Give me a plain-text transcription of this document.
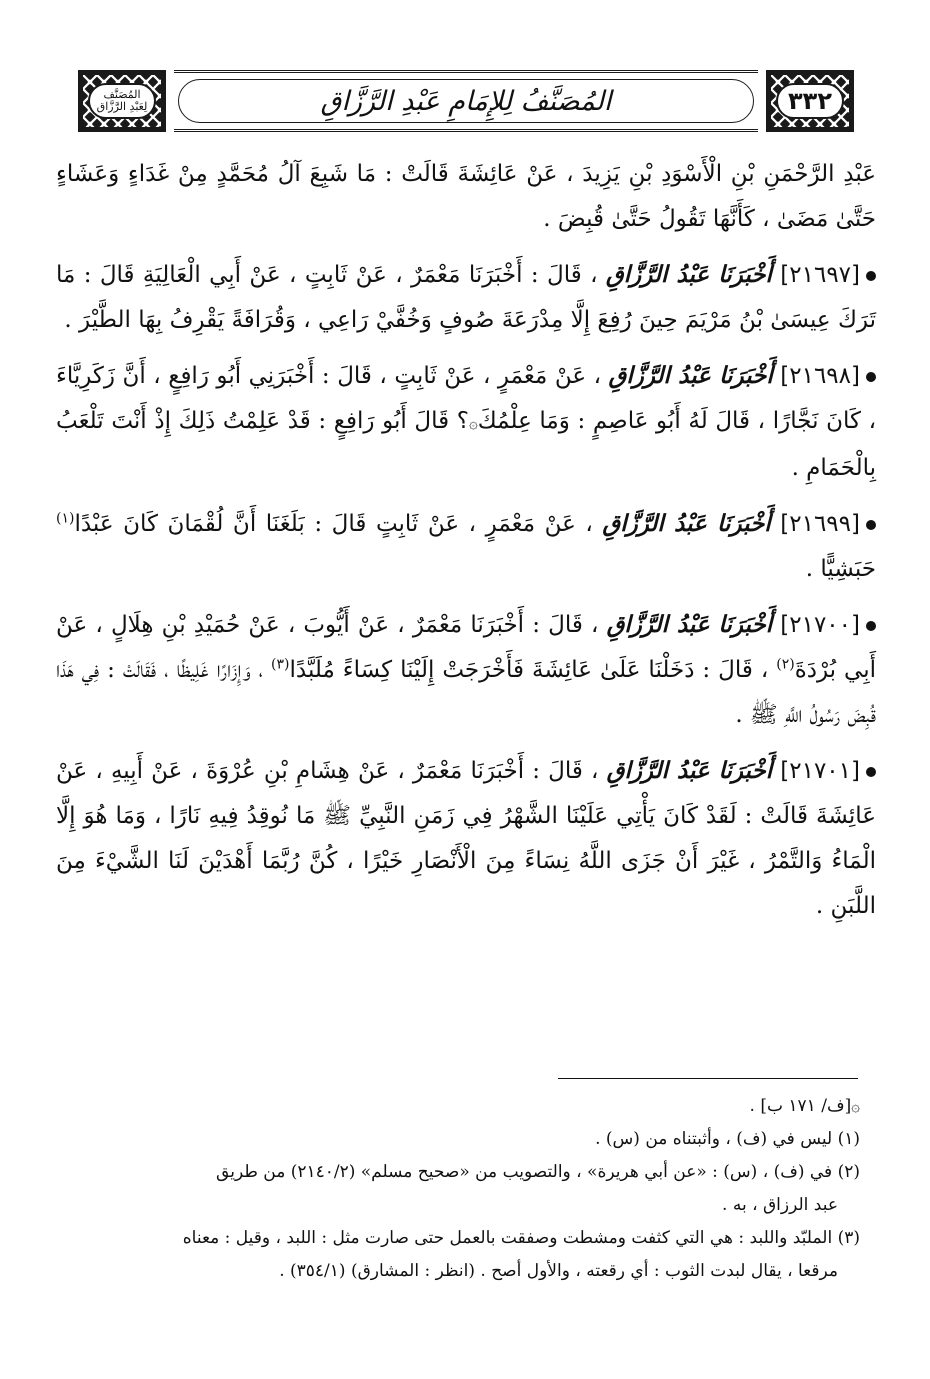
٣٣٢
المُصَنَّفُ لِلإِمَامِ عَبْدِ الرَّزَّاقِ
المُصَنَّف
لِعَبْدِ الرَّزَّاق

عَبْدِ الرَّحْمَنِ بْنِ الْأَسْوَدِ بْنِ يَزِيدَ ، عَنْ عَائِشَةَ قَالَتْ : مَا شَبِعَ آلُ مُحَمَّدٍ مِنْ غَدَاءٍ وَعَشَاءٍ حَتَّىٰ مَضَىٰ ، كَأَنَّهَا تَقُولُ حَتَّىٰ قُبِضَ .

[٢١٦٩٧] أَخْبَرَنَا عَبْدُ الرَّزَّاقِ ، قَالَ : أَخْبَرَنَا مَعْمَرٌ ، عَنْ ثَابِتٍ ، عَنْ أَبِي الْعَالِيَةِ قَالَ : مَا تَرَكَ عِيسَىٰ بْنُ مَرْيَمَ حِينَ رُفِعَ إِلَّا مِدْرَعَةَ صُوفٍ وَخُفَّيْ رَاعِي ، وَقُرَافَةً يَقْرِفُ بِهَا الطَّيْرَ .

[٢١٦٩٨] أَخْبَرَنَا عَبْدُ الرَّزَّاقِ ، عَنْ مَعْمَرٍ ، عَنْ ثَابِتٍ ، قَالَ : أَخْبَرَنِي أَبُو رَافِعٍ ، أَنَّ زَكَرِيَّاءَ ، كَانَ نَجَّارًا ، قَالَ لَهُ أَبُو عَاصِمٍ : وَمَا عِلْمُكَ۞؟ قَالَ أَبُو رَافِعٍ : قَدْ عَلِمْتُ ذَلِكَ إِذْ أَنْتَ تَلْعَبُ بِالْحَمَامِ .

[٢١٦٩٩] أَخْبَرَنَا عَبْدُ الرَّزَّاقِ ، عَنْ مَعْمَرٍ ، عَنْ ثَابِتٍ قَالَ : بَلَغَنَا أَنَّ لُقْمَانَ كَانَ عَبْدًا$^{(١)}$ حَبَشِيًّا .

[٢١٧٠٠] أَخْبَرَنَا عَبْدُ الرَّزَّاقِ ، قَالَ : أَخْبَرَنَا مَعْمَرٌ ، عَنْ أَيُّوبَ ، عَنْ حُمَيْدِ بْنِ هِلَالٍ ، عَنْ أَبِي بُرْدَةَ$^{(٢)}$ ، قَالَ : دَخَلْنَا عَلَىٰ عَائِشَةَ فَأَخْرَجَتْ إِلَيْنَا كِسَاءً مُلَبَّدًا$^{(٣)}$ ، وَإِزَارًا غَلِيظًا ، فَقَالَتْ : فِي هَذَا قُبِضَ رَسُولُ اللَّهِ ﷺ .

[٢١٧٠١] أَخْبَرَنَا عَبْدُ الرَّزَّاقِ ، قَالَ : أَخْبَرَنَا مَعْمَرٌ ، عَنْ هِشَامِ بْنِ عُرْوَةَ ، عَنْ أَبِيهِ ، عَنْ عَائِشَةَ قَالَتْ : لَقَدْ كَانَ يَأْتِي عَلَيْنَا الشَّهْرُ فِي زَمَنِ النَّبِيِّ ﷺ مَا نُوقِدُ فِيهِ نَارًا ، وَمَا هُوَ إِلَّا الْمَاءُ وَالتَّمْرُ ، غَيْرَ أَنْ جَزَى اللَّهُ نِسَاءً مِنَ الْأَنْصَارِ خَيْرًا ، كُنَّ رُبَّمَا أَهْدَيْنَ لَنَا الشَّيْءَ مِنَ اللَّبَنِ .

۞[ف/ ١٧١ ب] .

(١) ليس في (ف) ، وأثبتناه من (س) .

(٢) في (ف) ، (س) : «عن أبي هريرة» ، والتصويب من «صحيح مسلم» (٢١٤٠/٢) من طريق

عبد الرزاق ، به .

(٣) الملبّد واللبد : هي التي كثفت ومشطت وصفقت بالعمل حتى صارت مثل : اللبد ، وقيل : معناه

مرقعا ، يقال لبدت الثوب : أي رقعته ، والأول أصح . (انظر : المشارق) (٣٥٤/١) .
